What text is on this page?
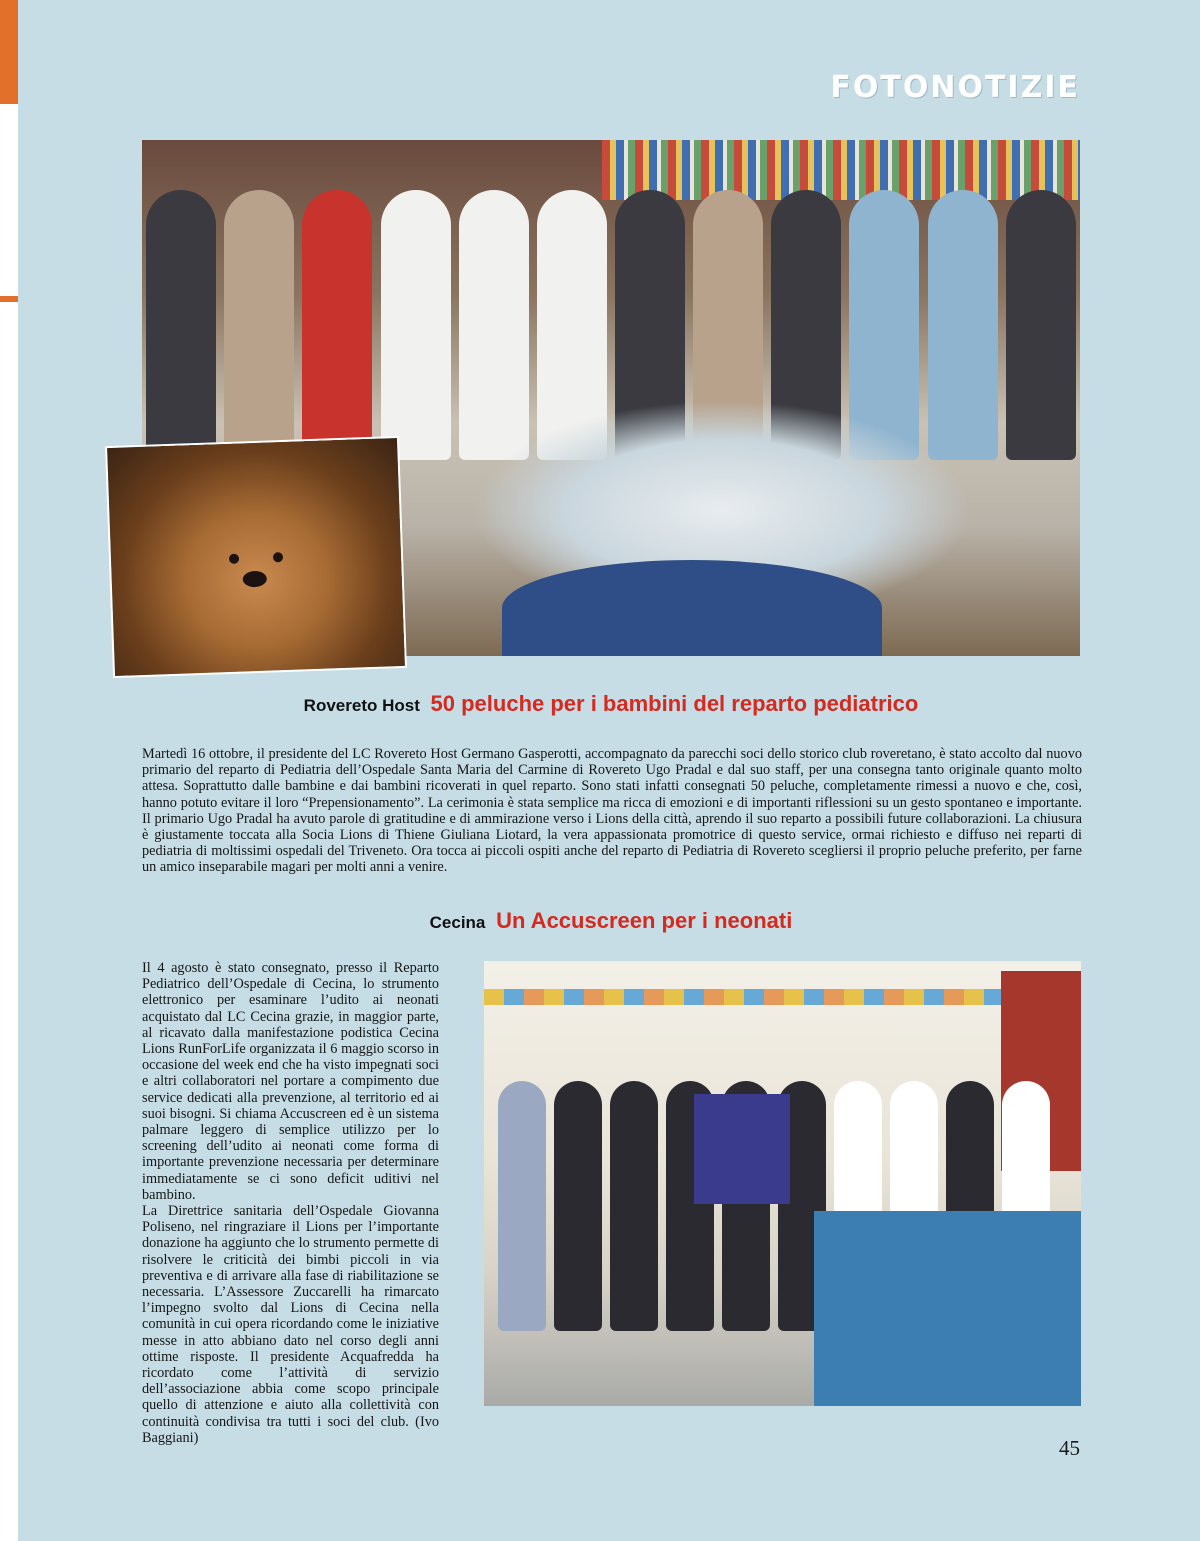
FOTONOTIZIE
Rovereto Host 50 peluche per i bambini del reparto pediatrico

Martedì 16 ottobre, il presidente del LC Rovereto Host Germano Gasperotti, accompagnato da parecchi soci dello storico club roveretano, è stato accolto dal nuovo primario del reparto di Pediatria dell’Ospedale Santa Maria del Carmine di Rovereto Ugo Pradal e dal suo staff, per una consegna tanto originale quanto molto attesa. Soprattutto dalle bambine e dai bambini ricoverati in quel reparto. Sono stati infatti consegnati 50 peluche, completamente rimessi a nuovo e che, così, hanno potuto evitare il loro “Prepensionamento”. La cerimonia è stata semplice ma ricca di emozioni e di importanti riflessioni su un gesto spontaneo e importante. Il primario Ugo Pradal ha avuto parole di gratitudine e di ammirazione verso i Lions della città, aprendo il suo reparto a possibili future collaborazioni. La chiusura è giustamente toccata alla Socia Lions di Thiene Giuliana Liotard, la vera appassionata promotrice di questo service, ormai richiesto e diffuso nei reparti di pediatria di moltissimi ospedali del Triveneto. Ora tocca ai piccoli ospiti anche del reparto di Pediatria di Rovereto scegliersi il proprio peluche preferito, per farne un amico inseparabile magari per molti anni a venire.

Cecina Un Accuscreen per i neonati

Il 4 agosto è stato consegnato, presso il Reparto Pediatrico dell’Ospedale di Cecina, lo strumento elettronico per esaminare l’udito ai neonati acquistato dal LC Cecina grazie, in maggior parte, al ricavato dalla manifestazione podistica Cecina Lions RunForLife organizzata il 6 maggio scorso in occasione del week end che ha visto impegnati soci e altri collaboratori nel portare a compimento due service dedicati alla prevenzione, al territorio ed ai suoi bisogni. Si chiama Accuscreen ed è un sistema palmare leggero di semplice utilizzo per lo screening dell’udito ai neonati come forma di importante prevenzione necessaria per determinare immediatamente se ci sono deficit uditivi nel bambino.

La Direttrice sanitaria dell’Ospedale Giovanna Poliseno, nel ringraziare il Lions per l’importante donazione ha aggiunto che lo strumento permette di risolvere le criticità dei bimbi piccoli in via preventiva e di arrivare alla fase di riabilitazione se necessaria. L’Assessore Zuccarelli ha rimarcato l’impegno svolto dal Lions di Cecina nella comunità in cui opera ricordando come le iniziative messe in atto abbiano dato nel corso degli anni ottime risposte. Il presidente Acquafredda ha ricordato come l’attività di servizio dell’associazione abbia come scopo principale quello di attenzione e aiuto alla collettività con continuità condivisa tra tutti i soci del club. (Ivo Baggiani)	45
